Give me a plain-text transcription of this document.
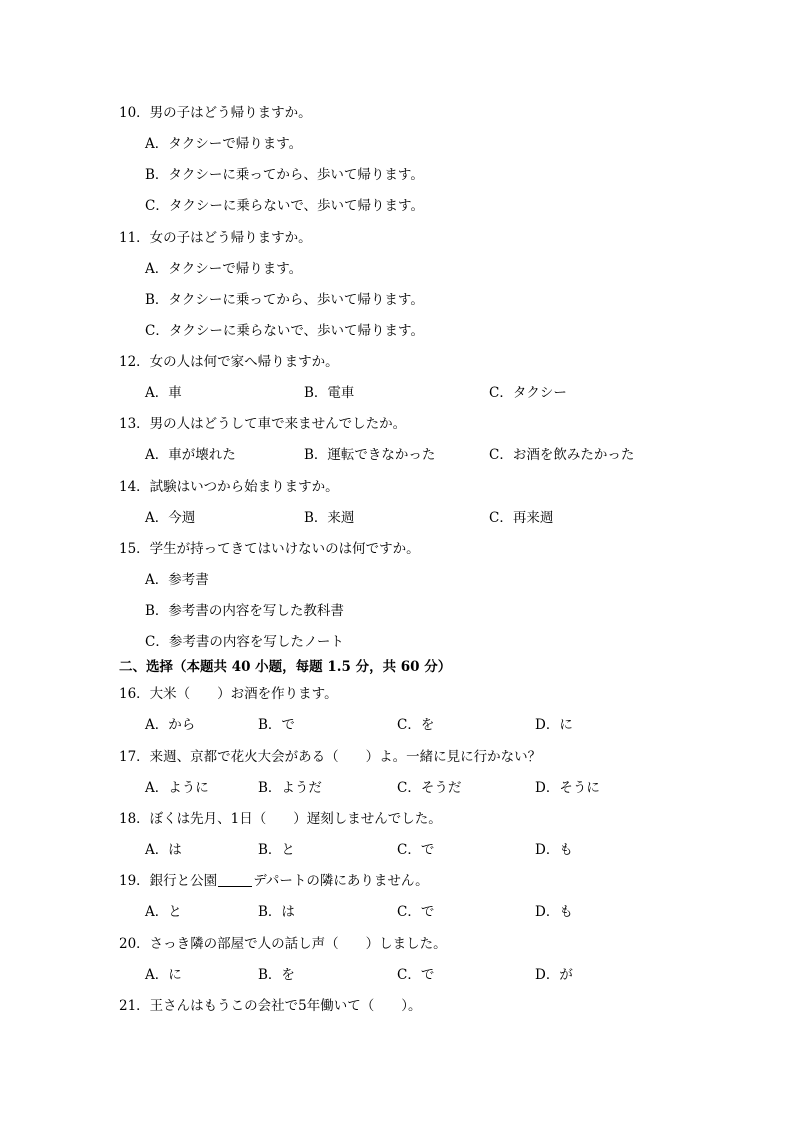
10．男の子はどう帰りますか。
A．タクシーで帰ります。
B．タクシーに乗ってから、歩いて帰ります。
C．タクシーに乗らないで、歩いて帰ります。
11．女の子はどう帰りますか。
A．タクシーで帰ります。
B．タクシーに乗ってから、歩いて帰ります。
C．タクシーに乗らないで、歩いて帰ります。
12．女の人は何で家へ帰りますか。
A．車	B．電車	C．タクシー
13．男の人はどうして車で来ませんでしたか。
A．車が壊れた	B．運転できなかった	C．お酒を飲みたかった
14．試験はいつから始まりますか。
A．今週	B．来週	C．再来週
15．学生が持ってきてはいけないのは何ですか。
A．参考書
B．参考書の内容を写した教科書
C．参考書の内容を写したノート
二、选择（本题共 40 小题，每题 1.5 分，共 60 分）
16．大米（　　）お酒を作ります。
A．から	B．で	C．を	D．に
17．来週、京都で花火大会がある（　　）よ。一緒に見に行かない？
A．ように	B．ようだ	C．そうだ	D．そうに
18．ぼくは先月、1日（　　）遅刻しませんでした。
A．は	B．と	C．で	D．も
19．銀行と公園	デパートの隣にありません。
A．と	B．は	C．で	D．も
20．さっき隣の部屋で人の話し声（　　）しました。
A．に	B．を	C．で	D．が
21．王さんはもうこの会社で5年働いて（　　）。
